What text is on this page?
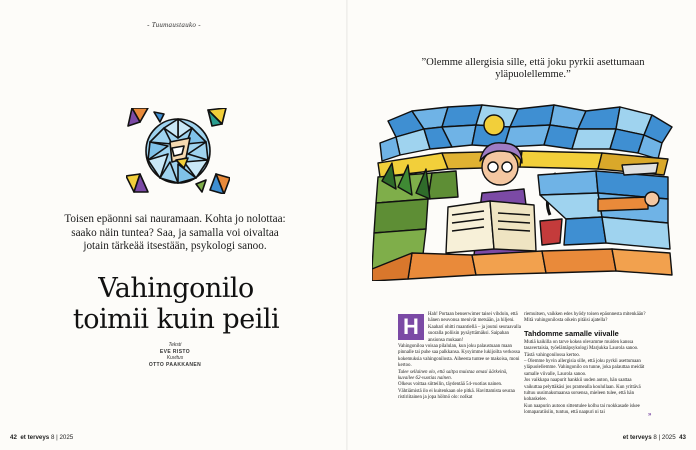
- Tuumaustauko -
Toisen epäonni sai nauramaan. Kohta jo nolottaa: saako näin tuntea? Saa, ja samalla voi oivaltaa jotain tärkeää itsestään, psykologi sanoo.
Vahingonilo
toimii kuin peili
Teksti
EVE RISTO
Kuvitus
OTTO PAAKKANEN
42 et terveys 8 | 2025
”Olemme allergisia sille, että joku pyrkii asettumaan yläpuolellemme.”
H	Hah! Portaan benserwimer taisei vihdoin, että hänen neuvonsa menivät metsään, ja hiljeni.

Kaaharí ohitti maantiellä – ja joutui seuraavalla suoralla poliisin pysäyttämäksi. Saipahan ansionsa mukaan!

Vahingoniloa voisaa pilalulan, kun joku palaustuaan maan pinnalle tai puhe saa palkkansa. Kysyimme lukijoilta verkossa kokemuksia vahingonilosta. Aiheesta tuntee se makoisa, moni kertoo.

Tulee sellainen olo, että saitpa muistaa omasi äärkeinä, kuvailee 62-vuotias nainen.

Olkeus voittaa siitteilin, täydentää 54-vuotias nainen.

Vähtiämistä ilo ei kuitenkaan ole pitkä. Havittamista seuraa ristiriitainen ja jopa hölmö olo: nolkat

riemuitsen, vaikken edes hyödy toisen epäonnesta mitenkään?

Mitä vahingonilosta oikein pitäisi ajatella?

Tahdomme samalle viivalle

Mutiä kaikilla on tarve kokea olevamme muiden kanssa tasavertaisia, työelämäpsykologi Marjukka Laurola sanoo. Tästä vahingonilossa kertoo.

– Olemme hyvin allergisia sille, että joku pyrkii asettumaan yläpuolellemme. Vahingonilo on tunne, joka palauttaa meidät samalle viivalle, Laurola sanoo.

Jos vaikkapa naapurit hankkii uuden auton, hän saattaa vaikuttaa pelyttäkäsi jos pramealla koulullaan. Kun yrittävä tultuu uusimaksmaansa sorsensa, mieleen tulee, että hän kohaskelee.

Kun naapurin autoon sittentulee kolhu tai ruokkasade iskee lomaparatiisiin, tuntuu, että naapuri ni tai	»
et terveys 8 | 2025 43
